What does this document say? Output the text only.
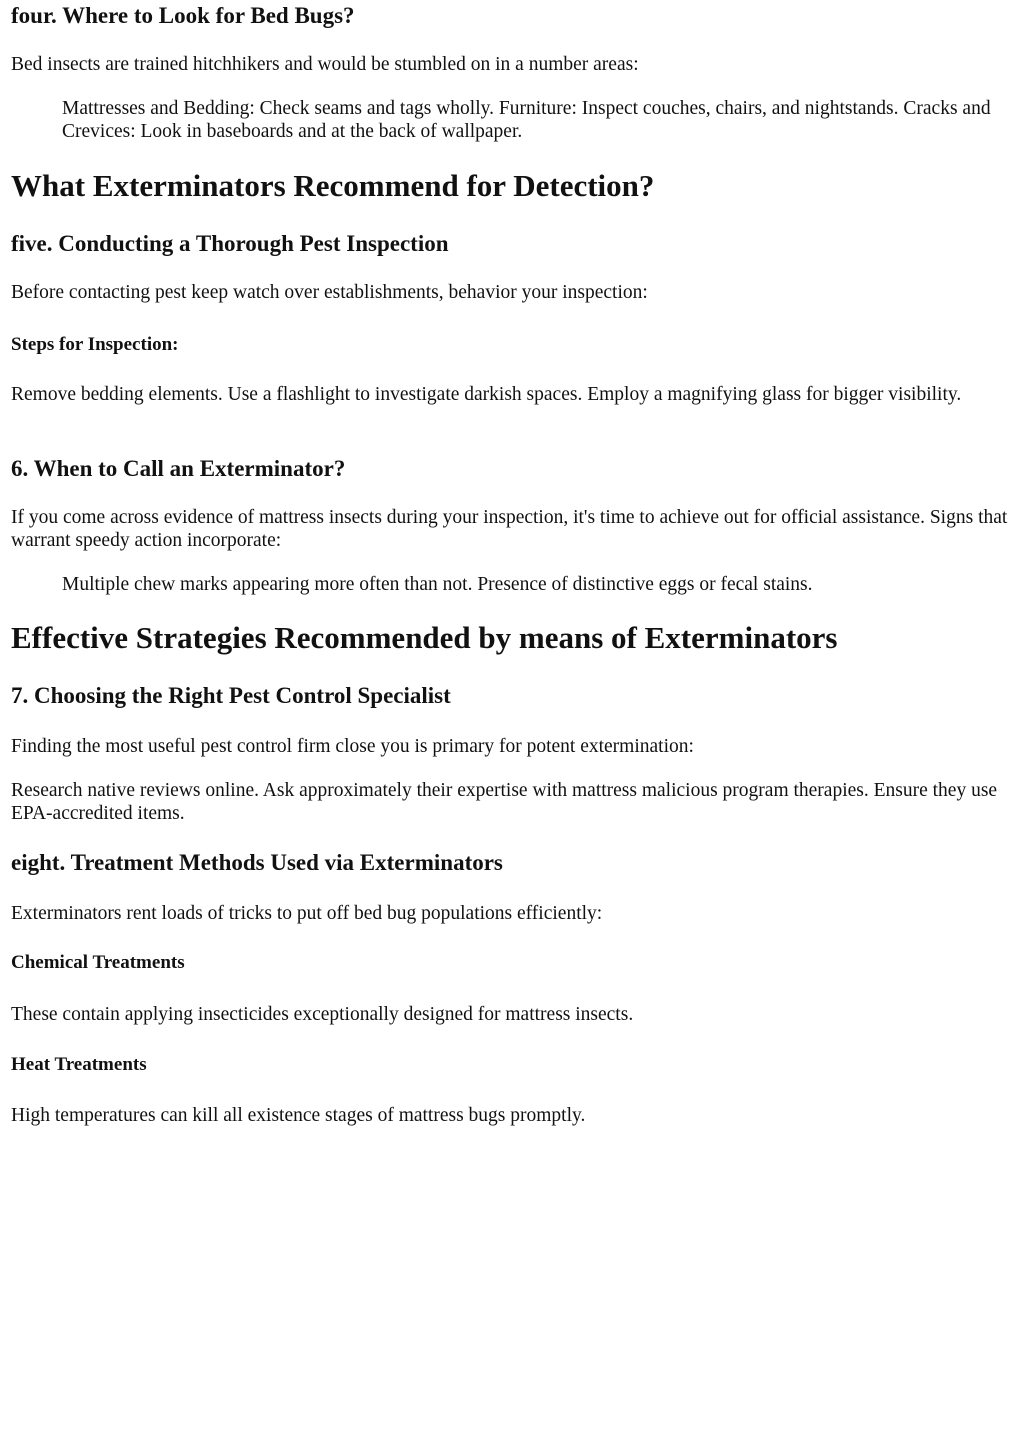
four. Where to Look for Bed Bugs?
Bed insects are trained hitchhikers and would be stumbled on in a number areas:
Mattresses and Bedding: Check seams and tags wholly. Furniture: Inspect couches, chairs, and nightstands. Cracks and Crevices: Look in baseboards and at the back of wallpaper.
What Exterminators Recommend for Detection?
five. Conducting a Thorough Pest Inspection
Before contacting pest keep watch over establishments, behavior your inspection:
Steps for Inspection:
Remove bedding elements. Use a flashlight to investigate darkish spaces. Employ a magnifying glass for bigger visibility.
6. When to Call an Exterminator?
If you come across evidence of mattress insects during your inspection, it's time to achieve out for official assistance. Signs that warrant speedy action incorporate:
Multiple chew marks appearing more often than not. Presence of distinctive eggs or fecal stains.
Effective Strategies Recommended by means of Exterminators
7. Choosing the Right Pest Control Specialist
Finding the most useful pest control firm close you is primary for potent extermination:
Research native reviews online. Ask approximately their expertise with mattress malicious program therapies. Ensure they use EPA-accredited items.
eight. Treatment Methods Used via Exterminators
Exterminators rent loads of tricks to put off bed bug populations efficiently:
Chemical Treatments
These contain applying insecticides exceptionally designed for mattress insects.
Heat Treatments
High temperatures can kill all existence stages of mattress bugs promptly.
